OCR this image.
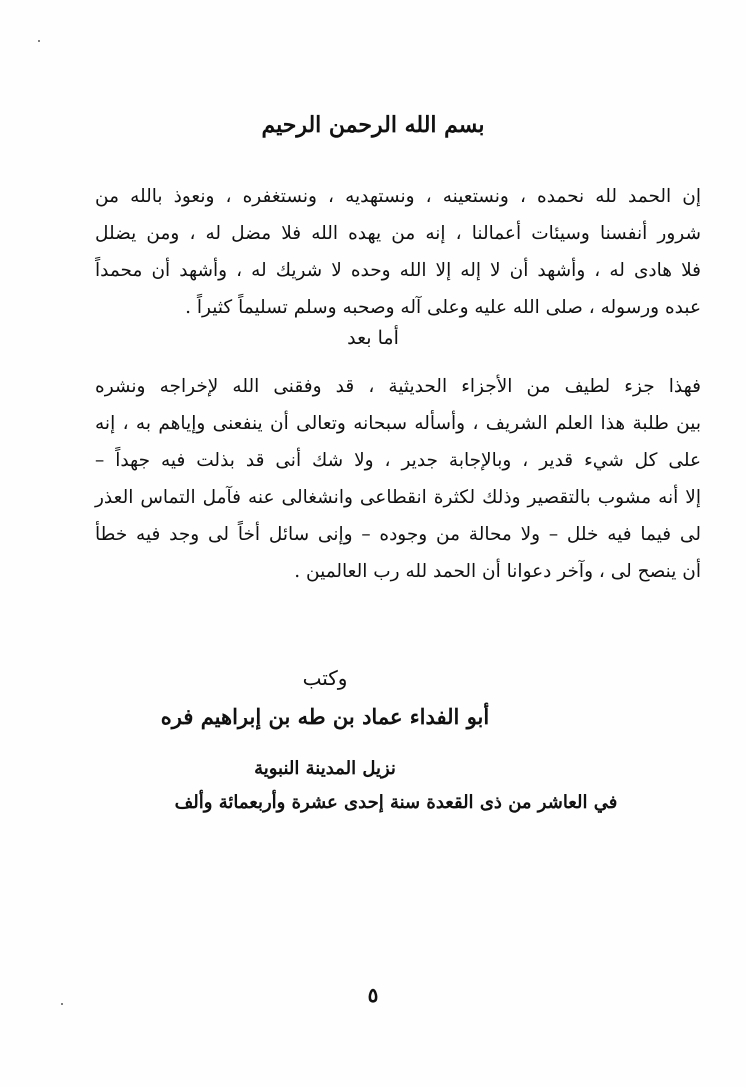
بسم الله الرحمن الرحيم
إن الحمد لله نحمده ، ونستعينه ، ونستهديه ، ونستغفره ، ونعوذ بالله من
شرور أنفسنا وسيئات أعمالنا ، إنه من يهده الله فلا مضل له ، ومن يضلل
فلا هادى له ، وأشهد أن لا إله إلا الله وحده لا شريك له ، وأشهد أن محمداً
عبده ورسوله ، صلى الله عليه وعلى آله وصحبه وسلم تسليماً كثيراً .
أما بعد
فهذا جزء لطيف من الأجزاء الحديثية ، قد وفقنى الله لإخراجه ونشره
بين طلبة هذا العلم الشريف ، وأسأله سبحانه وتعالى أن ينفعنى وإياهم به ، إنه
على كل شيء قدير ، وبالإجابة جدير ، ولا شك أنى قد بذلت فيه جهداً –
إلا أنه مشوب بالتقصير وذلك لكثرة انقطاعى وانشغالى عنه فآمل التماس العذر
لى فيما فيه خلل – ولا محالة من وجوده – وإنى سائل أخاً لى وجد فيه خطأ
أن ينصح لى ، وآخر دعوانا أن الحمد لله رب العالمين .
وكتب
أبو الفداء عماد بن طه بن إبراهيم فره
نزيل المدينة النبوية
في العاشر من ذى القعدة سنة إحدى عشرة وأربعمائة وألف
٥
